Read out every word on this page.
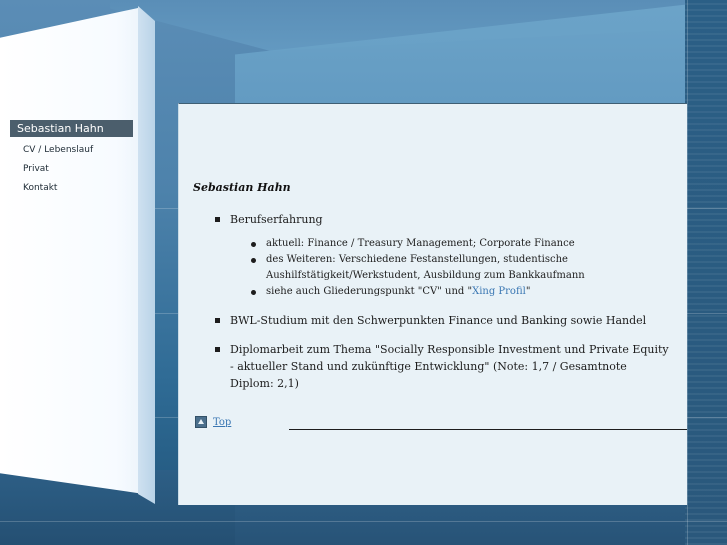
Sebastian Hahn
CV / Lebenslauf
Privat
Kontakt	Sebastian Hahn
Berufserfahrung
aktuell: Finance / Treasury Management; Corporate Finance
des Weiteren: Verschiedene Festanstellungen, studentische Aushilfstätigkeit/Werkstudent, Ausbildung zum Bankkaufmann
siehe auch Gliederungspunkt "CV" und "Xing Profil"
BWL-Studium mit den Schwerpunkten Finance und Banking sowie Handel
Diplomarbeit zum Thema "Socially Responsible Investment und Private Equity - aktueller Stand und zukünftige Entwicklung" (Note: 1,7 / Gesamtnote Diplom: 2,1)
Top
